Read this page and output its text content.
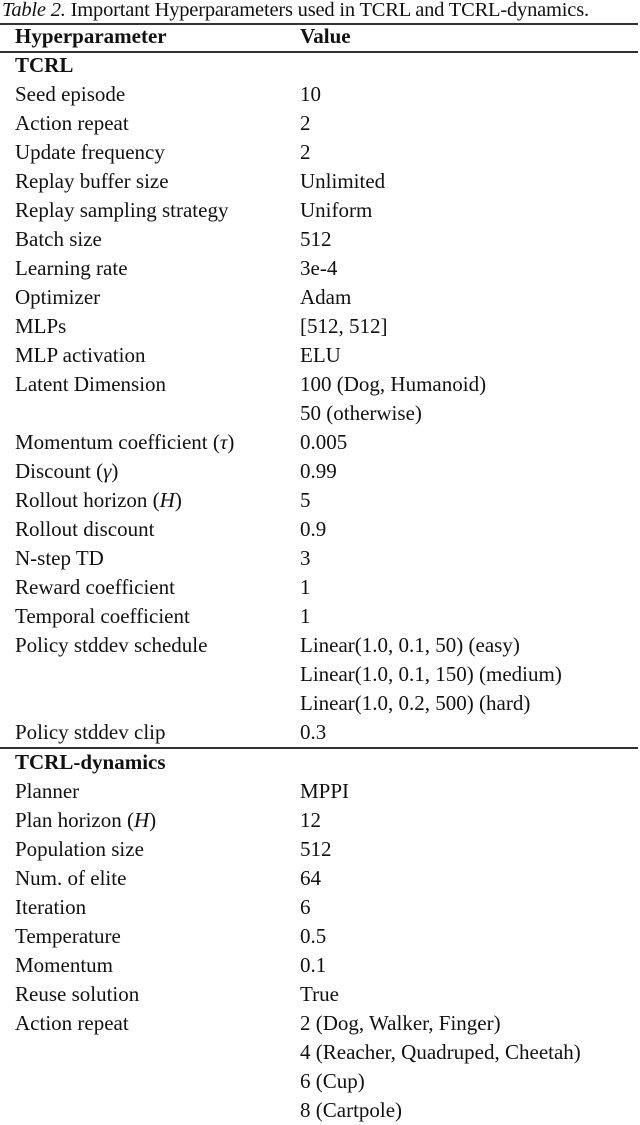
Table 2. Important Hyperparameters used in TCRL and TCRL-dynamics.
Hyperparameter	Value
TCRL
Seed episode	10
Action repeat	2
Update frequency	2
Replay buffer size	Unlimited
Replay sampling strategy	Uniform
Batch size	512
Learning rate	3e-4
Optimizer	Adam
MLPs	[512, 512]
MLP activation	ELU
Latent Dimension	100 (Dog, Humanoid)
50 (otherwise)
Momentum coefficient (τ)	0.005
Discount (γ)	0.99
Rollout horizon (H)	5
Rollout discount	0.9
N-step TD	3
Reward coefficient	1
Temporal coefficient	1
Policy stddev schedule	Linear(1.0, 0.1, 50) (easy)
Linear(1.0, 0.1, 150) (medium)
Linear(1.0, 0.2, 500) (hard)
Policy stddev clip	0.3
TCRL-dynamics
Planner	MPPI
Plan horizon (H)	12
Population size	512
Num. of elite	64
Iteration	6
Temperature	0.5
Momentum	0.1
Reuse solution	True
Action repeat	2 (Dog, Walker, Finger)
4 (Reacher, Quadruped, Cheetah)
6 (Cup)
8 (Cartpole)
